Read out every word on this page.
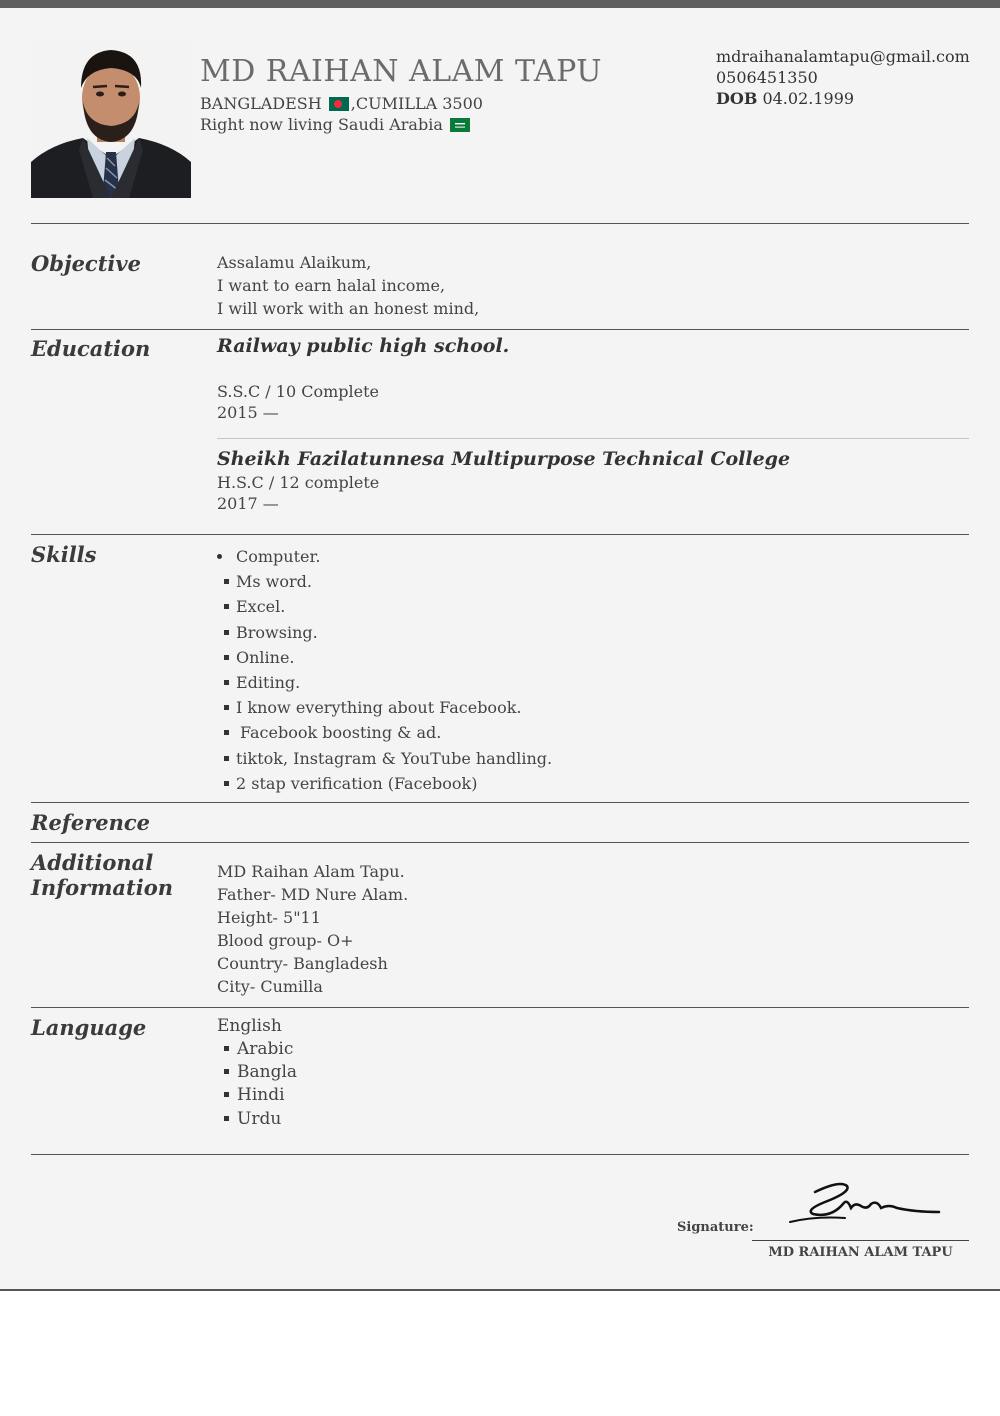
MD RAIHAN ALAM TAPU
BANGLADESH ,CUMILLA 3500
Right now living Saudi Arabia
mdraihanalamtapu@gmail.com
0506451350
DOB 04.02.1999
Objective	Assalamu Alaikum,
I want to earn halal income,
I will work with an honest mind,
Education	Railway public high school.
S.S.C / 10 Complete
2015 —
Sheikh Fazilatunnesa Multipurpose Technical College
H.S.C / 12 complete
2017 —
Skills	Computer.
Ms word.
Excel.
Browsing.
Online.
Editing.
I know everything about Facebook.
Facebook boosting & ad.
tiktok, Instagram & YouTube handling.
2 stap verification (Facebook)
Reference
Additional
Information
MD Raihan Alam Tapu.
Father- MD Nure Alam.
Height- 5"11
Blood group- O+
Country- Bangladesh
City- Cumilla
Language	English
Arabic
Bangla
Hindi
Urdu
Signature:
MD RAIHAN ALAM TAPU
